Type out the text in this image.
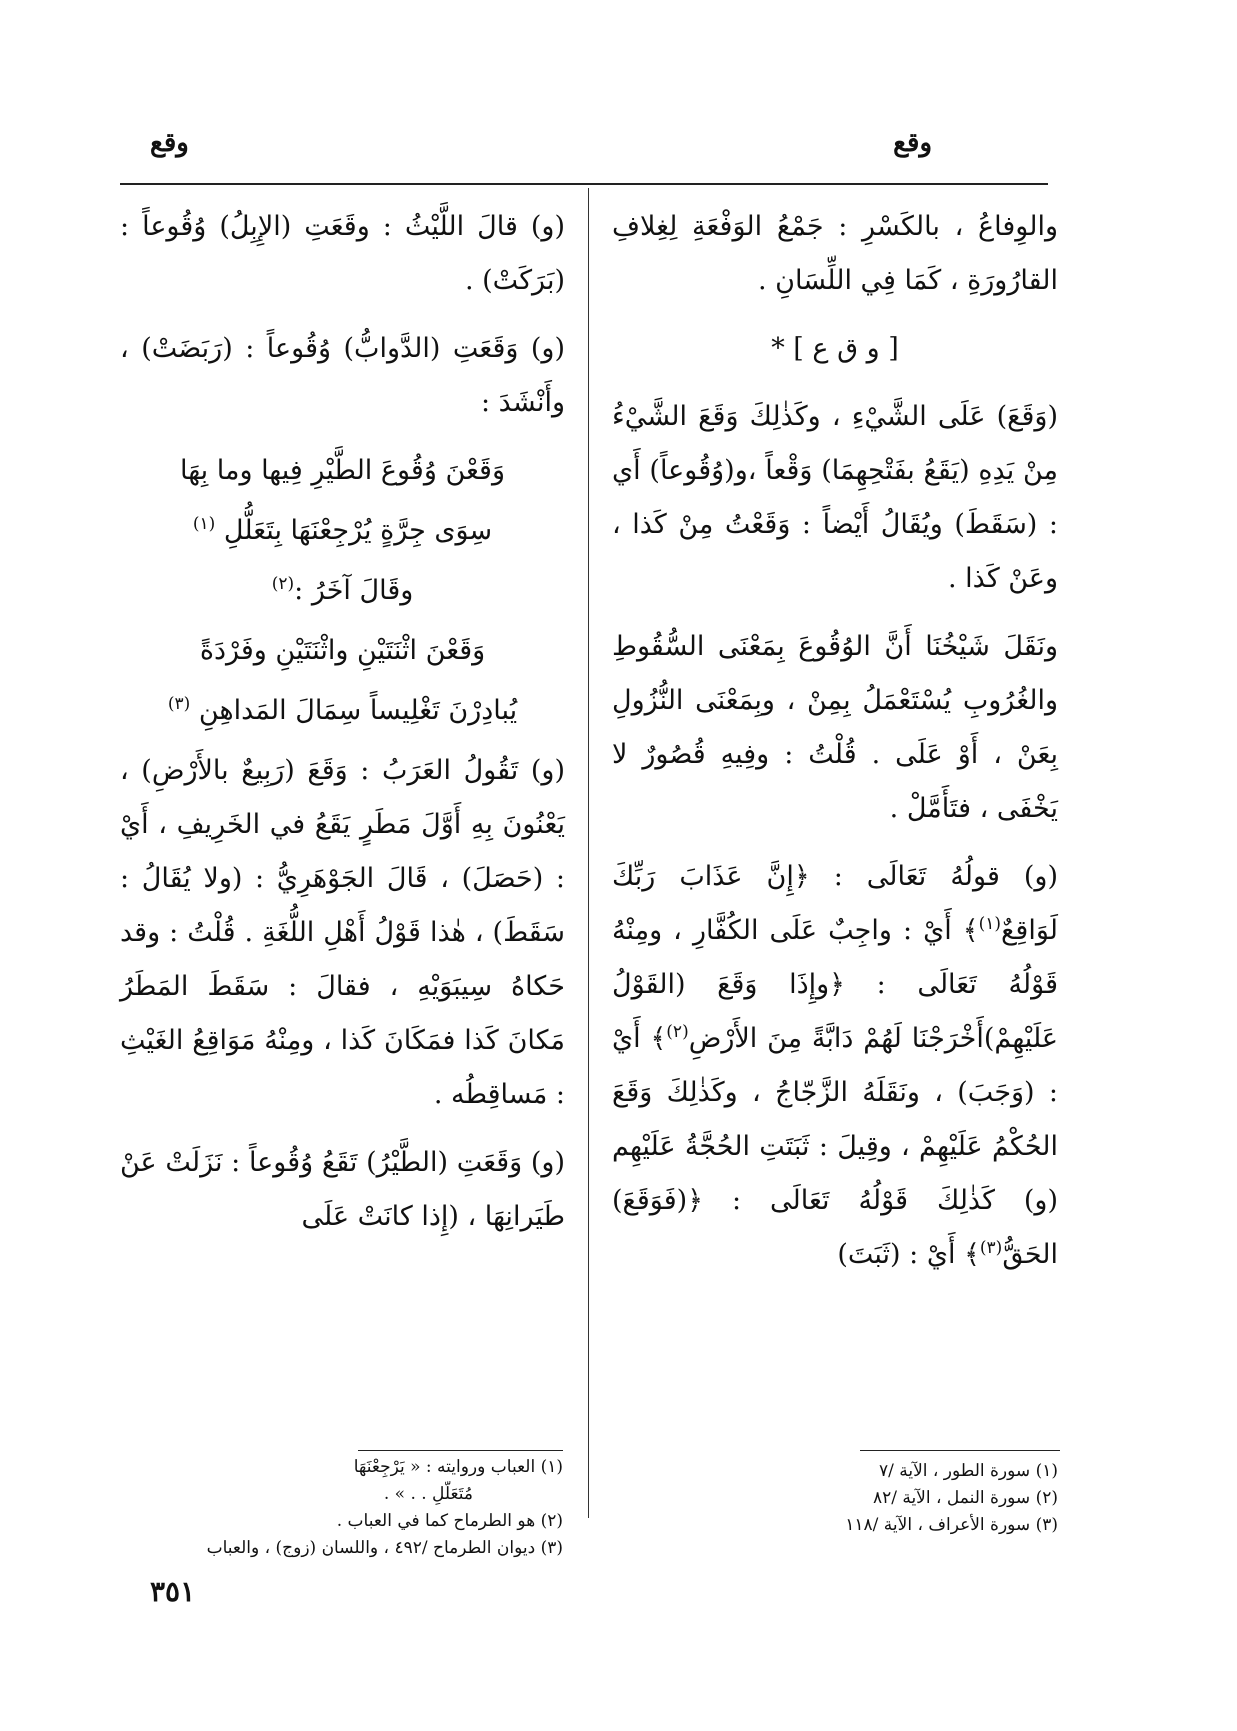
وقع
وقع

والوِفاعُ ، بالكَسْرِ : جَمْعُ الوَفْعَةِ لِغِلافِ القارُورَةِ ، كَمَا فِي اللِّسَانِ .

[ و ق ع ] *

(وَقَعَ) عَلَى الشَّيْءِ ، وكَذٰلِكَ وَقَعَ الشَّيْءُ مِنْ يَدِهِ (يَقَعُ بفَتْحِهِمَا) وَقْعاً ،و(وُقُوعاً) أَي : (سَقَطَ) ويُقَالُ أَيْضاً : وَقَعْتُ مِنْ كَذا ، وعَنْ كَذا .

ونَقَلَ شَيْخُنَا أَنَّ الوُقُوعَ بِمَعْنَى السُّقُوطِ والغُرُوبِ يُسْتَعْمَلُ بِمِنْ ، وبِمَعْنَى النُّزُولِ بِعَنْ ، أَوْ عَلَى . قُلْتُ : وفِيهِ قُصُورٌ لا يَخْفَى ، فتَأَمَّلْ .

(و) قولُهُ تَعَالَى : ﴿إِنَّ عَذَابَ رَبِّكَ لَوَاقِعٌ$^{(١)}$﴾ أَيْ : واجِبٌ عَلَى الكُفَّارِ ، ومِنْهُ قَوْلُهُ تَعَالَى : ﴿وإِذَا وَقَعَ (القَوْلُ عَلَيْهِمْ)أَخْرَجْنَا لَهُمْ دَابَّةً مِنَ الأَرْضِ$^{(٢)}$﴾ أَيْ : (وَجَبَ) ، ونَقَلَهُ الزَّجّاجُ ، وكَذٰلِكَ وَقَعَ الحُكْمُ عَلَيْهِمْ ، وقِيلَ : ثَبَتَتِ الحُجَّةُ عَلَيْهِم (و) كَذٰلِكَ قَوْلُهُ تَعَالَى : ﴿(فَوَقَعَ) الحَقُّ$^{(٣)}$﴾ أَيْ : (ثَبَتَ)

(و) قالَ اللَّيْثُ : وقَعَتِ (الإِبِلُ) وُقُوعاً : (بَرَكَتْ) .

(و) وَقَعَتِ (الدَّوابُّ) وُقُوعاً : (رَبَضَتْ) ، وأَنْشَدَ :

وَقَعْنَ وُقُوعَ الطَّيْرِ فِيها وما بِهَا
سِوَى جِرَّةٍ يُرْجِعْنَهَا بِتَعَلُّلِ $^{(١)}$
وقَالَ آخَرُ :$^{(٢)}$
وَقَعْنَ اثْنَتَيْنِ واثْنَتَيْنِ وفَرْدَةً
يُبادِرْنَ تَغْلِيساً سِمَالَ المَداهِنِ $^{(٣)}$

(و) تَقُولُ العَرَبُ : وَقَعَ (رَبِيعٌ بالأَرْضِ) ، يَعْنُونَ بِهِ أَوَّلَ مَطَرٍ يَقَعُ في الخَرِيفِ ، أَيْ : (حَصَلَ) ، قَالَ الجَوْهَرِيُّ : (ولا يُقَالُ : سَقَطَ) ، هٰذا قَوْلُ أَهْلِ اللُّغَةِ . قُلْتُ : وقد حَكاهُ سِيبَوَيْهِ ، فقالَ : سَقَطَ المَطَرُ مَكانَ كَذا فمَكَانَ كَذا ، ومِنْهُ مَوَاقِعُ الغَيْثِ : مَساقِطُه .

(و) وَقَعَتِ (الطَّيْرُ) تَقَعُ وُقُوعاً : نَزَلَتْ عَنْ طَيَرانِهَا ، (إِذا كانَتْ عَلَى

(١) سورة الطور ، الآية /٧
(٢) سورة النمل ، الآية /٨٢
(٣) سورة الأعراف ، الآية /١١٨
(١) العباب وروايته : « يَرْجِعْنَهَا
مُتَعَلَّلِ . . » .
(٢) هو الطرماح كما في العباب .
(٣) ديوان الطرماح /٤٩٢ ، واللسان (زوج) ، والعباب
٣٥١
